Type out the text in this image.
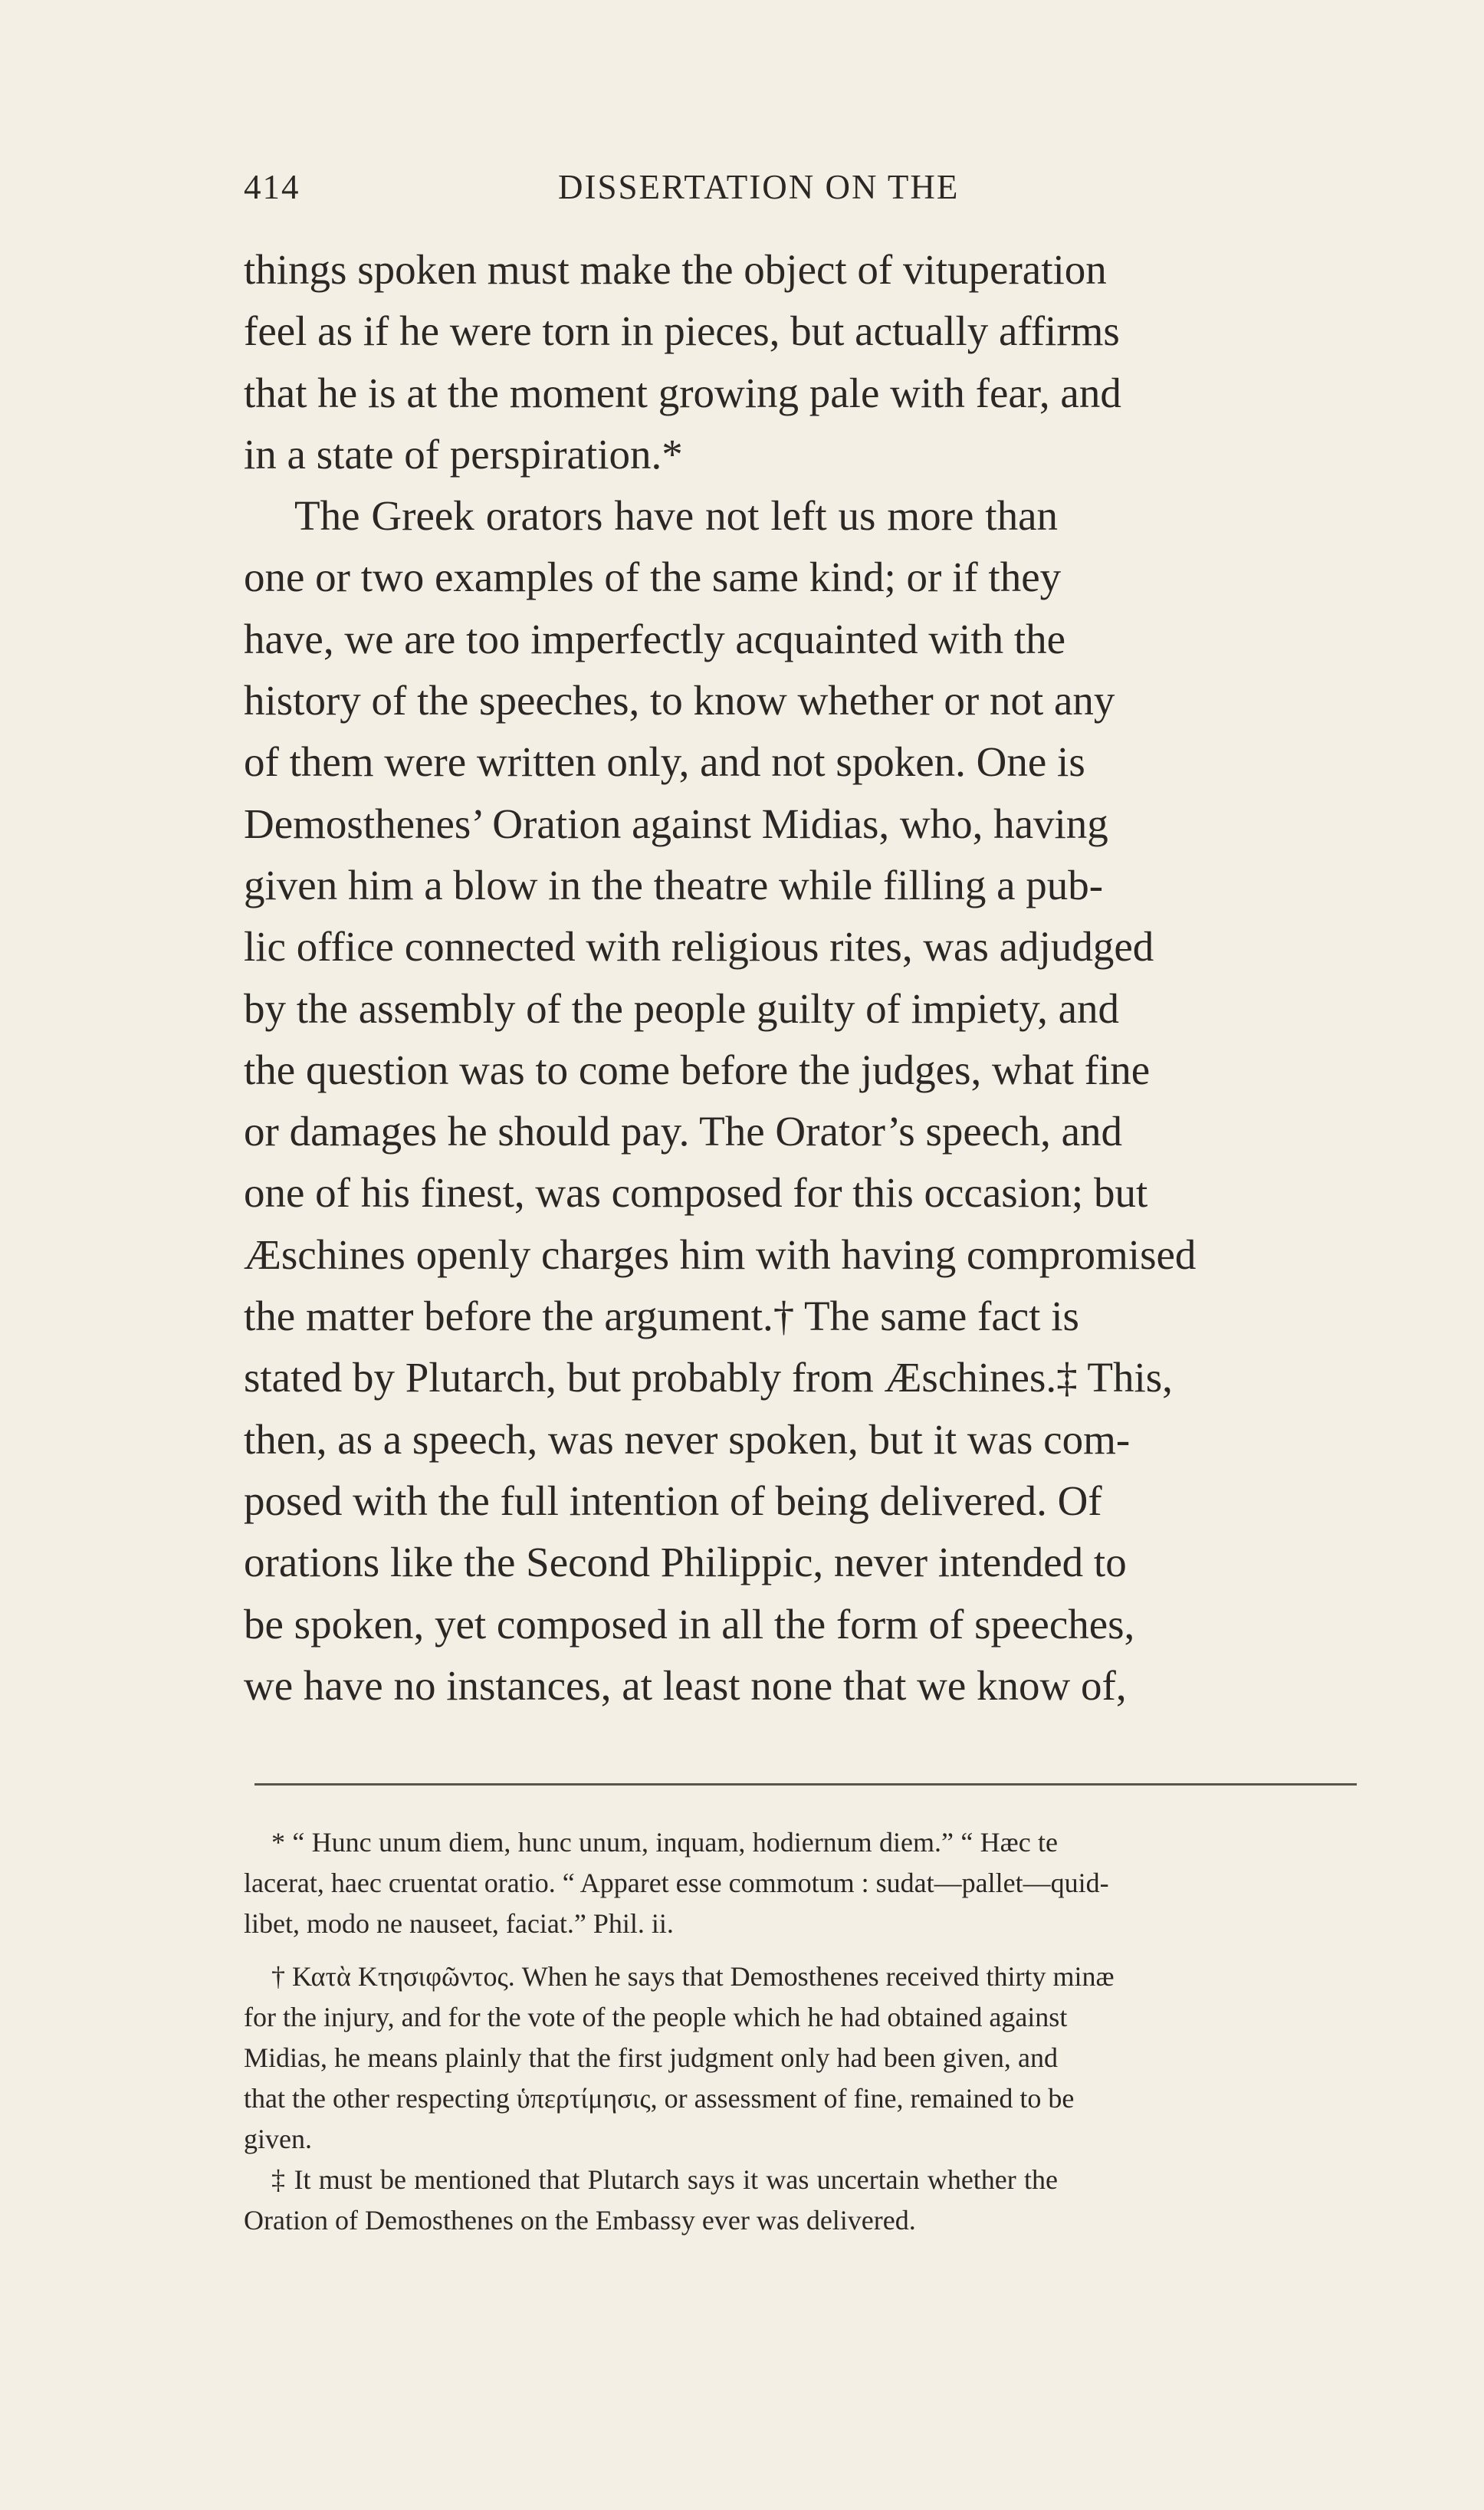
414	DISSERTATION ON THE
things spoken must make the object of vituperation
feel as if he were torn in pieces, but actually affirms
that he is at the moment growing pale with fear, and
in a state of perspiration.*
The Greek orators have not left us more than
one or two examples of the same kind; or if they
have, we are too imperfectly acquainted with the
history of the speeches, to know whether or not any
of them were written only, and not spoken. One is
Demosthenes’ Oration against Midias, who, having
given him a blow in the theatre while filling a pub-
lic office connected with religious rites, was adjudged
by the assembly of the people guilty of impiety, and
the question was to come before the judges, what fine
or damages he should pay. The Orator’s speech, and
one of his finest, was composed for this occasion; but
Æschines openly charges him with having compromised
the matter before the argument.† The same fact is
stated by Plutarch, but probably from Æschines.‡ This,
then, as a speech, was never spoken, but it was com-
posed with the full intention of being delivered. Of
orations like the Second Philippic, never intended to
be spoken, yet composed in all the form of speeches,
we have no instances, at least none that we know of,
* “ Hunc unum diem, hunc unum, inquam, hodiernum diem.” “ Hæc te
lacerat, haec cruentat oratio. “ Apparet esse commotum : sudat—pallet—quid-
libet, modo ne nauseet, faciat.” Phil. ii.
† Κατὰ Κτησιφῶντος. When he says that Demosthenes received thirty minæ
for the injury, and for the vote of the people which he had obtained against
Midias, he means plainly that the first judgment only had been given, and
that the other respecting ὑπερτίμησις, or assessment of fine, remained to be
given.
‡ It must be mentioned that Plutarch says it was uncertain whether the
Oration of Demosthenes on the Embassy ever was delivered.
